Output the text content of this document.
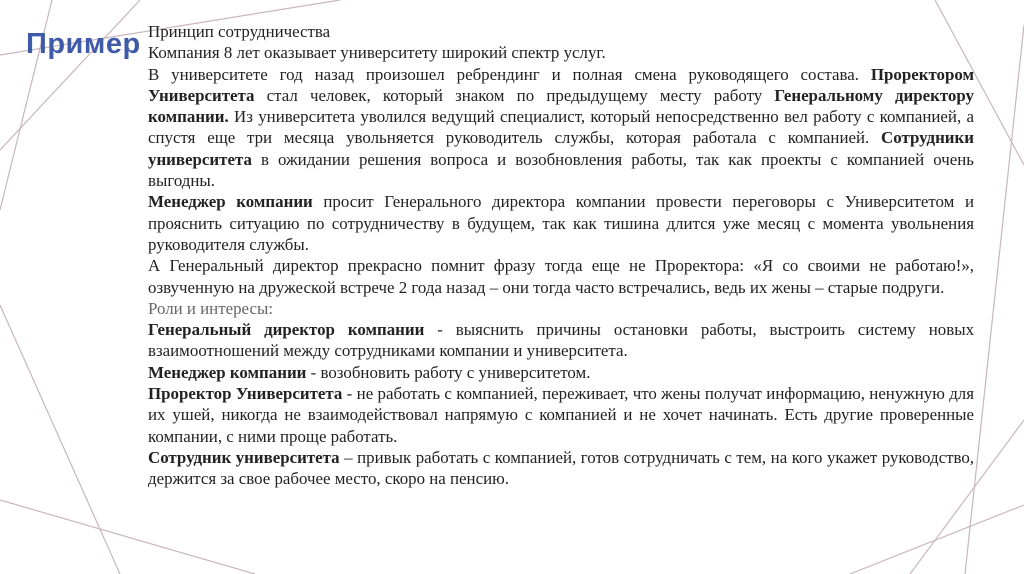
Пример Принцип сотрудничества

Компания 8 лет оказывает университету широкий спектр услуг.

В университете год назад произошел ребрендинг и полная смена руководящего состава. Проректором Университета стал человек, который знаком по предыдущему месту работу Генеральному директору компании. Из университета уволился ведущий специалист, который непосредственно вел работу с компанией, а спустя еще три месяца увольняется руководитель службы, которая работала с компанией. Сотрудники университета в ожидании решения вопроса и возобновления работы, так как проекты с компанией очень выгодны.

Менеджер компании просит Генерального директора компании провести переговоры с Университетом и прояснить ситуацию по сотрудничеству в будущем, так как тишина длится уже месяц с момента увольнения руководителя службы.

А Генеральный директор прекрасно помнит фразу тогда еще не Проректора: «Я со своими не работаю!», озвученную на дружеской встрече 2 года назад – они тогда часто встречались, ведь их жены – старые подруги.

Роли и интересы:

Генеральный директор компании - выяснить причины остановки работы, выстроить систему новых взаимоотношений между сотрудниками компании и университета.

Менеджер компании - возобновить работу с университетом.

Проректор Университета - не работать с компанией, переживает, что жены получат информацию, ненужную для их ушей, никогда не взаимодействовал напрямую с компанией и не хочет начинать. Есть другие проверенные компании, с ними проще работать.

Сотрудник университета – привык работать с компанией, готов сотрудничать с тем, на кого укажет руководство, держится за свое рабочее место, скоро на пенсию.
